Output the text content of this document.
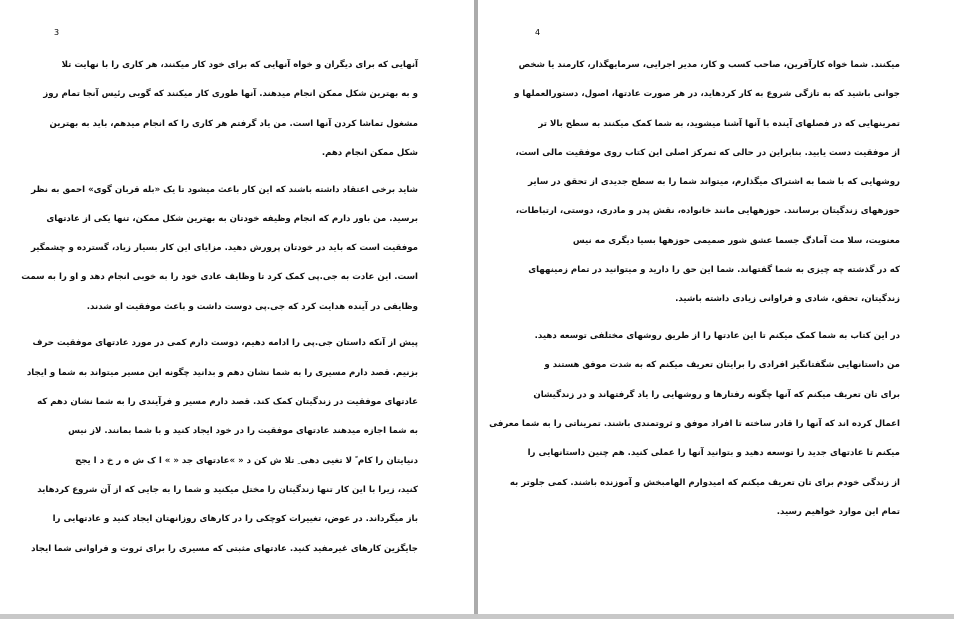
3
آنهایی که برای دیگران و خواه آنهایی که برای خود کار میکنند، هر کاری را با نهایت تلا
و به بهترین شکل ممکن انجام میدهند. آنها طوری کار میکنند که گویی رئیس آنجا تمام روز
مشغول تماشا کردن آنها است. من یاد گرفتم هر کاری را که انجام میدهم، باید به بهترین
شکل ممکن انجام دهم.
شاید برخی اعتقاد داشته باشند که این کار باعث میشود تا یک «بله قربان گوی» احمق به نظر
برسید. من باور دارم که انجام وظیفه خودتان به بهترین شکل ممکن، تنها یکی از عادتهای
موفقیت است که باید در خودتان پرورش دهید. مزایای این کار بسیار زیاد، گسترده و چشمگیر
است. این عادت به جی.پی کمک کرد تا وظایف عادی خود را به خوبی انجام دهد و او را به سمت
وظایفی در آینده هدایت کرد که جی.پی دوست داشت و باعث موفقیت او شدند.
پیش از آنکه داستان جی.پی را ادامه دهیم، دوست دارم کمی در مورد عادتهای موفقیت حرف
بزنیم. قصد دارم مسیری را به شما نشان دهم و بدانید چگونه این مسیر میتواند به شما و ایجاد
عادتهای موفقیت در زندگیتان کمک کند. قصد دارم مسیر و فرآیندی را به شما نشان دهم که
به شما اجازه میدهند عادتهای موفقیت را در خود ایجاد کنید و با شما بمانند. لاز نیس
دنیایتان را کام ً لا تغیی دهی ِ تلا ش کن د « »عادتهای جد « » ا ک ش ه ر خ د ا یجح
کنید، زیرا با این کار تنها زندگیتان را مختل میکنید و شما را به جایی که از آن شروع کردهاید
باز میگرداند. در عوض، تغییرات کوچکی را در کارهای روزانهتان ایجاد کنید و عادتهایی را
جایگزین کارهای غیرمفید کنید. عادتهای مثبتی که مسیری را برای ثروت و فراوانی شما ایجاد
4
میکنند. شما خواه کارآفرین، صاحب کسب و کار، مدیر اجرایی، سرمایهگذار، کارمند یا شخص
جوانی باشید که به تازگی شروع به کار کردهاید، در هر صورت عادتها، اصول، دستورالعملها و
تمرینهایی که در فصلهای آینده با آنها آشنا میشوید، به شما کمک میکنند به سطح بالا تر
از موفقیت دست یابید. بنابراین در حالی که تمرکز اصلی این کتاب روی موفقیت مالی است،
روشهایی که با شما به اشتراک میگذارم، میتواند شما را به سطح جدیدی از تحقق در سایر
حوزههای زندگیتان برسانند. حوزههایی مانند خانواده، نقش پدر و مادری، دوستی، ارتباطات،
معنویت، سلا مت آمادگ جسما عشق شور صمیمی حوزهها بسیا دیگری مه نیس
که در گذشته چه چیزی به شما گفتهاند. شما این حق را دارید و میتوانید در تمام زمینههای
زندگیتان، تحقق، شادی و فراوانی زیادی داشته باشید.
در این کتاب به شما کمک میکنم تا این عادتها را از طریق روشهای مختلفی توسعه دهید.
من داستانهایی شگفتانگیز افرادی را برایتان تعریف میکنم که به شدت موفق هستند و
برای تان تعریف میکنم که آنها چگونه رفتارها و روشهایی را یاد گرفتهاند و در زندگیشان
اعمال کرده اند که آنها را قادر ساخته تا افراد موفق و ثروتمندی باشند. تمریناتی را به شما معرفی
میکنم تا عادتهای جدید را توسعه دهید و بتوانید آنها را عملی کنید. هم چنین داستانهایی را
از زندگی خودم برای تان تعریف میکنم که امیدوارم الهامبخش و آموزنده باشند. کمی جلوتر به
تمام این موارد خواهیم رسید.
